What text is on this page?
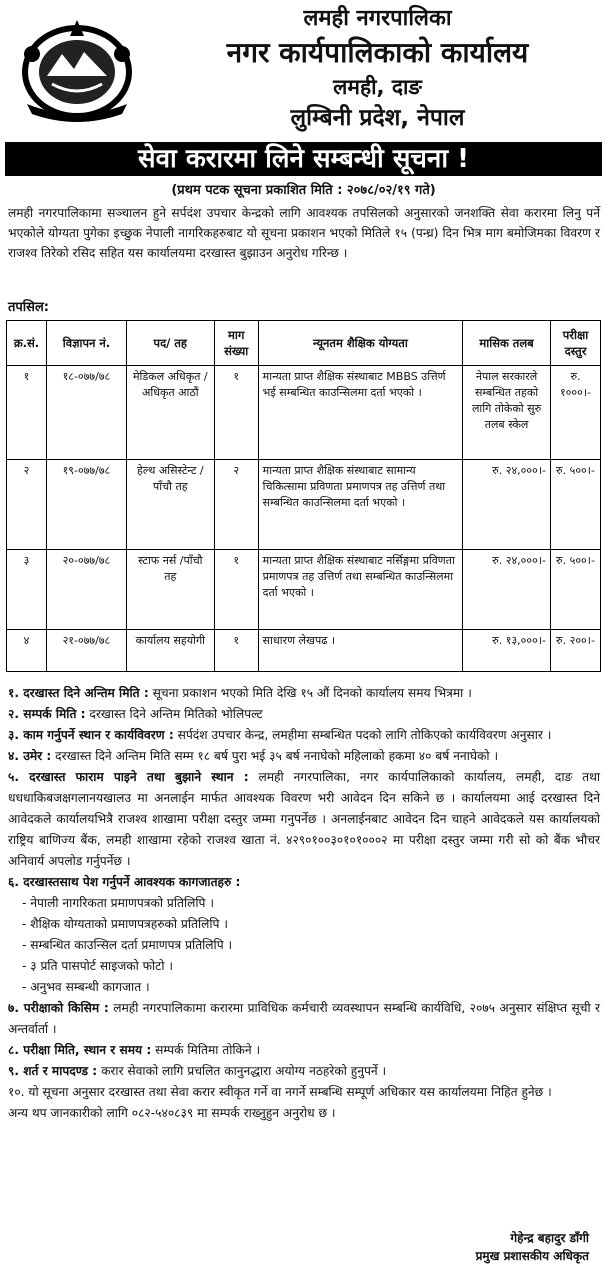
लमही नगरपालिका
नगर कार्यपालिकाको कार्यालय
लमही, दाङ
लुम्बिनी प्रदेश, नेपाल
सेवा करारमा लिने सम्बन्धी सूचना !
(प्रथम पटक सूचना प्रकाशित मिति : २०७८/०२/१९ गते)
लमही नगरपालिकामा सञ्चालन हुने सर्पदंश उपचार केन्द्रको लागि आवश्यक तपसिलको अनुसारको जनशक्ति सेवा करारमा लिनु पर्ने भएकोले योग्यता पुगेका इच्छुक नेपाली नागरिकहरुबाट यो सूचना प्रकाशन भएको मितिले १५ (पन्ध्र) दिन भित्र माग बमोजिमका विवरण र राजश्व तिरेको रसिद सहित यस कार्यालयमा दरखास्त बुझाउन अनुरोध गरिन्छ ।
तपसिल:
क्र.सं.	विज्ञापन नं.	पद/ तह	माग संख्या	न्यूनतम शैक्षिक योग्यता	मासिक तलब	परीक्षा दस्तुर
१	१८-०७७/७८	मेडिकल अधिकृत /अधिकृत आठौं	१	मान्यता प्राप्त शैक्षिक संस्थाबाट MBBS उत्तिर्ण भई सम्बन्धित काउन्सिलमा दर्ता भएको ।	नेपाल सरकारले सम्बन्धित तहको लागि तोकेको सुरु तलब स्केल	रु. १०००।-
२	१९-०७७/७८	हेल्थ असिस्टेन्ट /पाँचौ तह	२	मान्यता प्राप्त शैक्षिक संस्थाबाट सामान्य चिकित्सामा प्रविणता प्रमाणपत्र तह उत्तिर्ण तथा सम्बन्धित काउन्सिलमा दर्ता भएको ।	रु. २४,०००।-	रु. ५००।-
३	२०-०७७/७८	स्टाफ नर्स /पाँचौ तह	१	मान्यता प्राप्त शैक्षिक संस्थाबाट नर्सिङ्गमा प्रविणता प्रमाणपत्र तह उत्तिर्ण तथा सम्बन्धित काउन्सिलमा दर्ता भएको ।	रु. २४,०००।-	रु. ५००।-
४	२१-०७७/७८	कार्यालय सहयोगी	१	साधारण लेखपढ ।	रु. १३,०००।-	रु. २००।-

१. दरखास्त दिने अन्तिम मिति : सूचना प्रकाशन भएको मिति देखि १५ औं दिनको कार्यालय समय भित्रमा ।

२. सम्पर्क मिति : दरखास्त दिने अन्तिम मितिको भोलिपल्ट

३. काम गर्नुपर्ने स्थान र कार्यविवरण : सर्पदंश उपचार केन्द्र, लमहीमा सम्बन्धित पदको लागि तोकिएको कार्यविवरण अनुसार ।

४. उमेर : दरखास्त दिने अन्तिम मिति सम्म १८ बर्ष पुरा भई ३५ बर्ष ननाघेको महिलाको हकमा ४० बर्ष ननाघेको ।

५. दरखास्त फाराम पाइने तथा बुझाने स्थान : लमही नगरपालिका, नगर कार्यपालिकाको कार्यालय, लमही, दाङ तथा धधधाकिबजक्षगलानयखालउ मा अनलाईन मार्फत आवश्यक विवरण भरी आवेदन दिन सकिने छ । कार्यालयमा आई दरखास्त दिने आवेदकले कार्यालयभित्रै राजश्व शाखामा परीक्षा दस्तुर जम्मा गनुपर्नेछ । अनलाईनबाट आवेदन दिन चाहने आवेदकले यस कार्यालयको राष्ट्रिय बाणिज्य बैंक, लमही शाखामा रहेको राजश्व खाता नं. ४२९०१००३०१०१०००२ मा परीक्षा दस्तुर जम्मा गरी सो को बैंक भौचर अनिवार्य अपलोड गर्नुपर्नेछ ।

६. दरखास्तसाथ पेश गर्नुपर्ने आवश्यक कागजातहरु :

- नेपाली नागरिकता प्रमाणपत्रको प्रतिलिपि ।
- शैक्षिक योग्यताको प्रमाणपत्रहरुको प्रतिलिपि ।
- सम्बन्धित काउन्सिल दर्ता प्रमाणपत्र प्रतिलिपि ।
- ३ प्रति पासपोर्ट साइजको फोटो ।
- अनुभव सम्बन्धी कागजात ।

७. परीक्षाको किसिम : लमही नगरपालिकामा करारमा प्राविधिक कर्मचारी व्यवस्थापन सम्बन्धि कार्यविधि, २०७५ अनुसार संक्षिप्त सूची र अन्तर्वार्ता ।

८. परीक्षा मिति, स्थान र समय : सम्पर्क मितिमा तोकिने ।

९. शर्त र मापदण्ड : करार सेवाको लागि प्रचलित कानुनद्धारा अयोग्य नठहरेको हुनुपर्ने ।

१०. यो सूचना अनुसार दरखास्त तथा सेवा करार स्वीकृत गर्ने वा नगर्ने सम्बन्धि सम्पूर्ण अधिकार यस कार्यालयमा निहित हुनेछ ।

अन्य थप जानकारीको लागि ०८२-५४०८३९ मा सम्पर्क राख्नुहुन अनुरोध छ ।

गेहेन्द्र बहादुर डाँगी
प्रमुख प्रशासकीय अधिकृत
